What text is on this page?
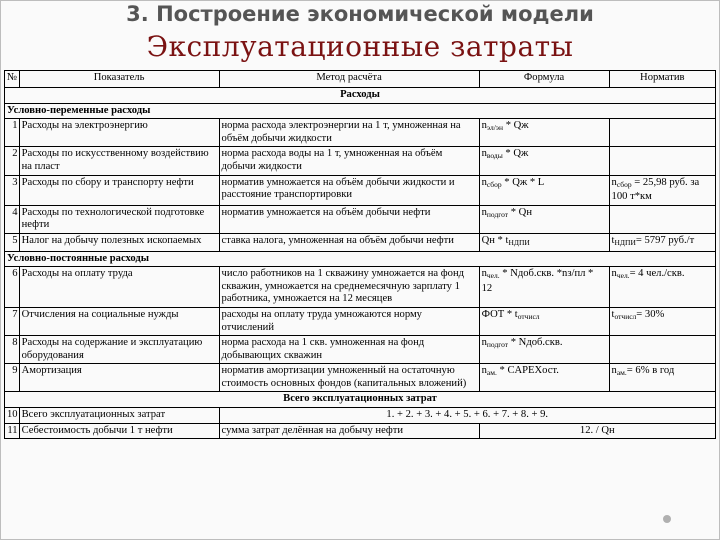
3. Построение экономической модели
Эксплуатационные затраты
№	Показатель	Метод расчёта	Формула	Норматив
Расходы				
Условно-переменные расходы				
1	Расходы на электроэнергию	норма расхода электроэнергии на 1 т, умноженная на объём добычи жидкости	$n_{эл/эн}$ * Qж	
2	Расходы по искусственному воздействию на пласт	норма расхода воды на 1 т, умноженная на объём добычи жидкости	$n_{воды}$ * Qж	
3	Расходы по сбору и транспорту нефти	норматив умножается на объём добычи жидкости и расстояние транспортировки	$n_{сбор}$ * Qж * L	$n_{сбор} = 25,98$ руб. за 100 т*км
4	Расходы по технологической подготовке нефти	норматив умножается на объём добычи нефти	$n_{подгот}$ * Qн	
5	Налог на добычу полезных ископаемых	ставка налога, умноженная на объём добычи нефти	Qн * $t_{НДПИ}$	$t_{НДПИ}= 5797$ руб./т
Условно-постоянные расходы				
6	Расходы на оплату труда	число работников на 1 скважину умножается на фонд скважин, умножается на среднемесячную зарплату 1 работника, умножается на 12 месяцев	$n_{чел.}$ * Nдоб.скв. *nз/пл * 12	$n_{чел.}= 4$ чел./скв.
7	Отчисления на социальные нужды	расходы на оплату труда умножаются норму отчислений	ФОТ * $t_{отчисл}$	$t_{отчисл}= 30\%$
8	Расходы на содержание и эксплуатацию оборудования	норма расхода на 1 скв. умноженная на фонд добывающих скважин	$n_{подгот}$ * Nдоб.скв.	
9	Амортизация	норматив амортизации умноженный на остаточную стоимость основных фондов (капитальных вложений)	$n_{ам.}$ * CAPEXост.	$n_{ам.}= 6\%$ в год
Всего эксплуатационных затрат				
10	Всего эксплуатационных затрат	1. + 2. + 3. + 4. + 5. + 6. + 7. + 8. + 9.		
11	Себестоимость добычи 1 т нефти	сумма затрат делённая на добычу нефти	12. / Qн	
